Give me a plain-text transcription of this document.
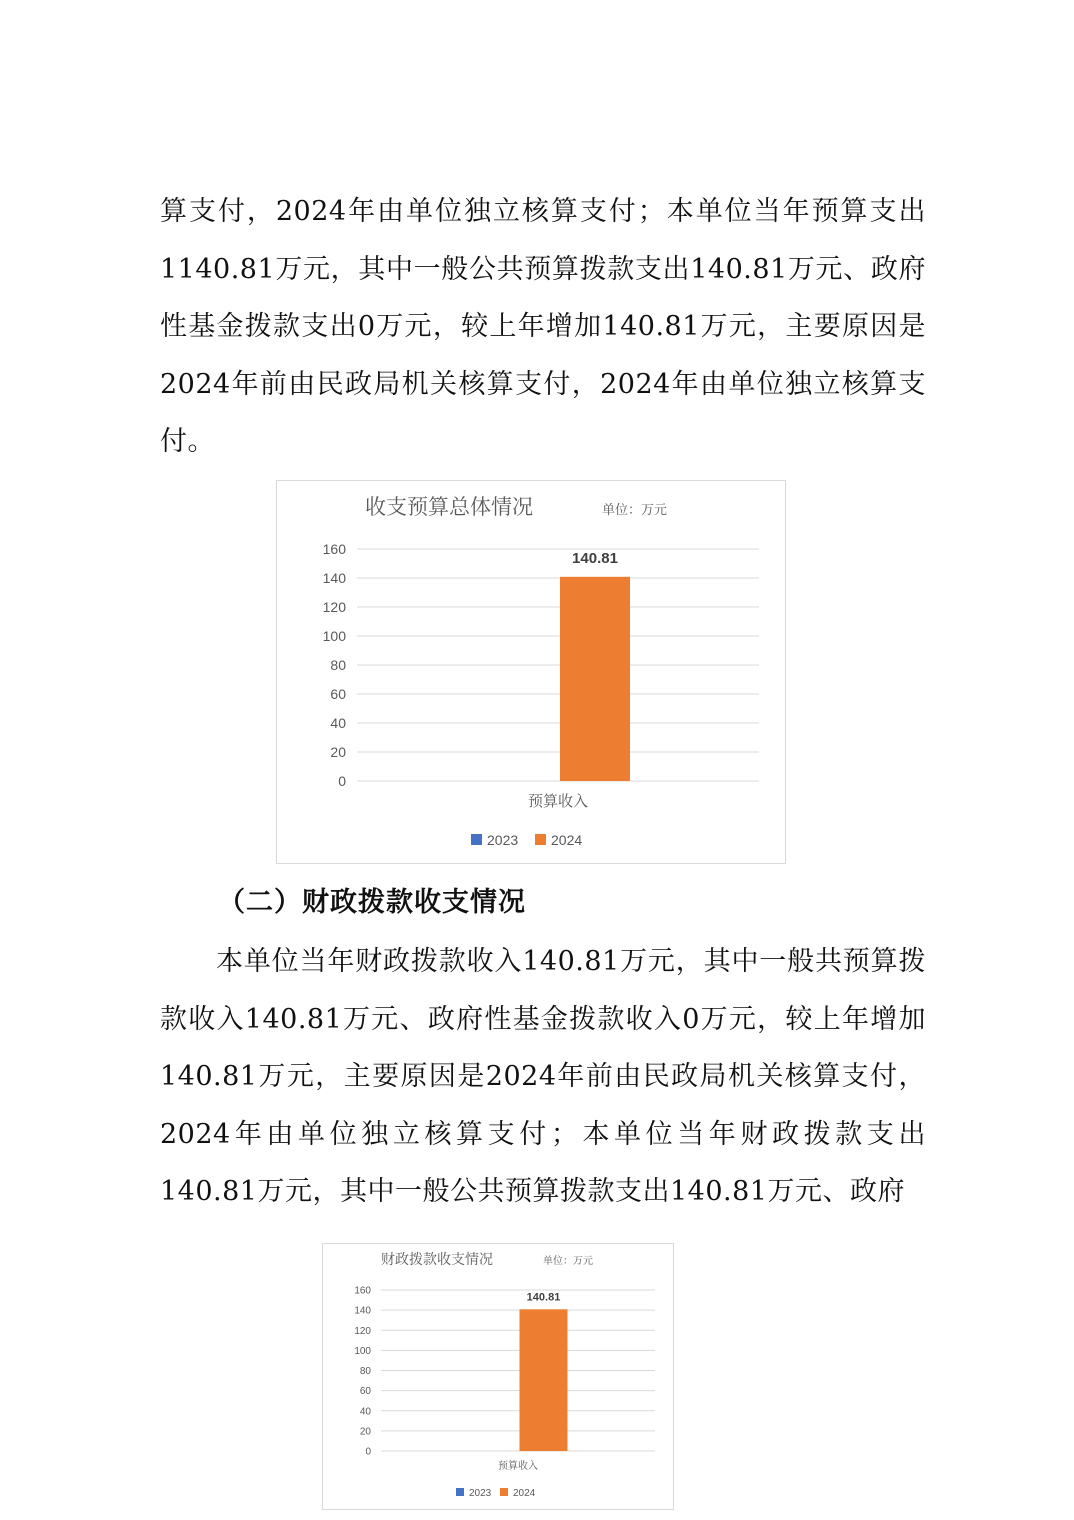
算支付，2024年由单位独立核算支付；本单位当年预算支出1140.81万元，其中一般公共预算拨款支出140.81万元、政府性基金拨款支出0万元，较上年增加140.81万元，主要原因是2024年前由民政局机关核算支付，2024年由单位独立核算支付。
收支预算总体情况	单位：万元
0
20
40
60
80
100
120
140
160
140.81
预算收入
2023 2024
（二）财政拨款收支情况
本单位当年财政拨款收入140.81万元，其中一般共预算拨款收入140.81万元、政府性基金拨款收入0万元，较上年增加140.81万元，主要原因是2024年前由民政局机关核算支付，2024年由单位独立核算支付；本单位当年财政拨款支出140.81万元，其中一般公共预算拨款支出140.81万元、政府
财政拨款收支情况	单位：万元
0
20
40
60
80
100
120
140
160
140.81
预算收入
2023 2024
